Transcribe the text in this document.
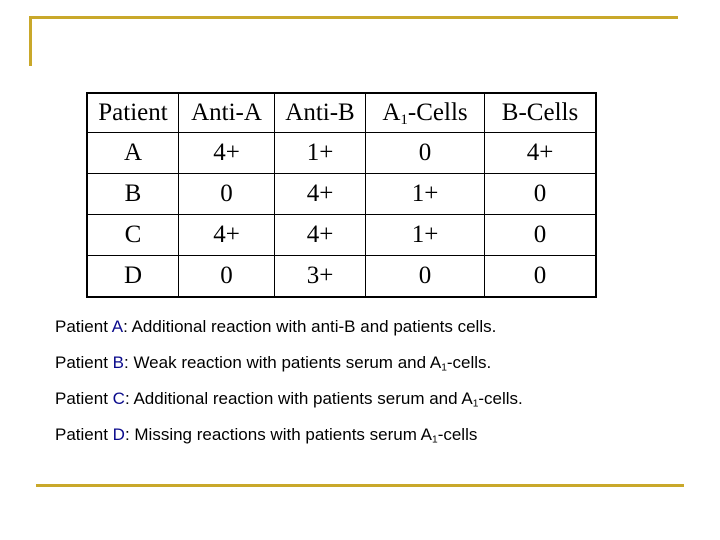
Patient	Anti-A	Anti-B	$A_1$-Cells	B-Cells
A	4+	1+	0	4+
B	0	4+	1+	0
C	4+	4+	1+	0
D	0	3+	0	0

Patient A: Additional reaction with anti-B and patients cells.

Patient B: Weak reaction with patients serum and $A_1$-cells.

Patient C: Additional reaction with patients serum and $A_1$-cells.

Patient D: Missing reactions with patients serum $A_1$-cells
